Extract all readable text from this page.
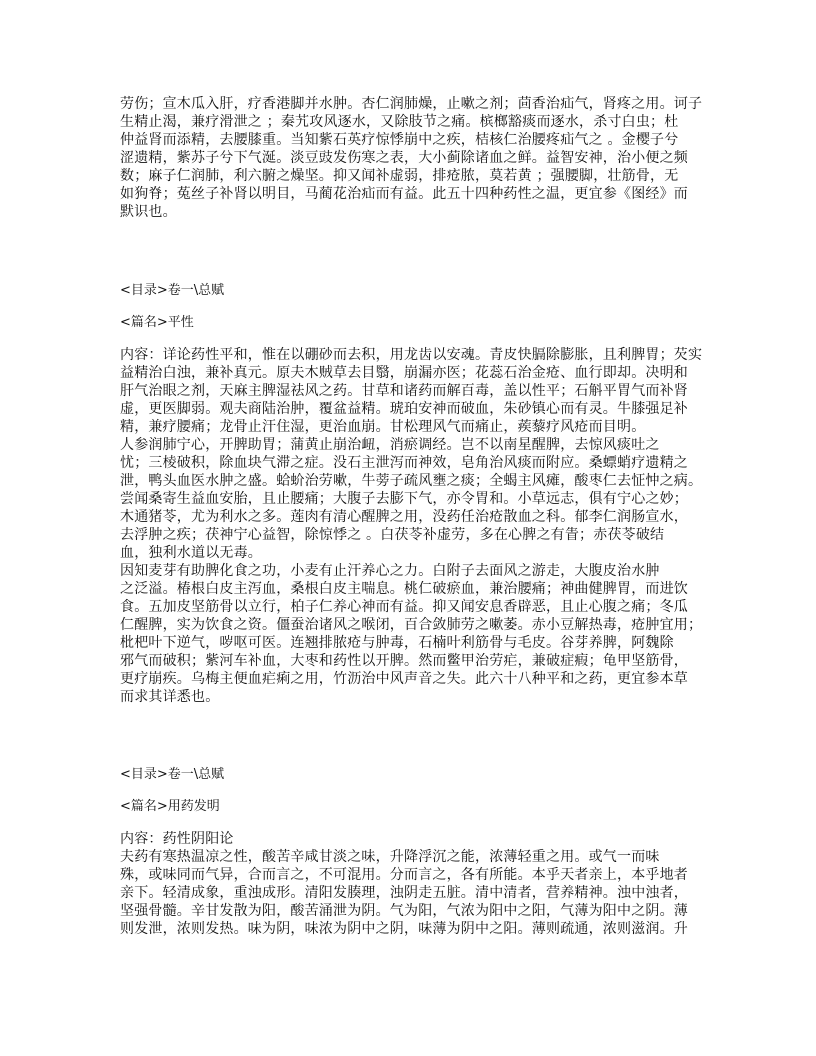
劳伤；宣木瓜入肝，疗香港脚并水肿。杏仁润肺燥，止嗽之剂；茴香治疝气，肾疼之用。诃子
生精止渴，兼疗滑泄之 ；秦艽攻风逐水，又除肢节之痛。槟榔豁痰而逐水，杀寸白虫；杜
仲益肾而添精，去腰膝重。当知紫石英疗惊悸崩中之疾，桔核仁治腰疼疝气之 。金樱子兮
涩遗精，紫苏子兮下气涎。淡豆豉发伤寒之表，大小蓟除诸血之鲜。益智安神，治小便之频
数；麻子仁润肺，利六腑之燥坚。抑又闻补虚弱，排疮脓，莫若黄 ；强腰脚，壮筋骨，无
如狗脊；菟丝子补肾以明目，马蔺花治疝而有益。此五十四种药性之温，更宜参《图经》而
默识也。
<目录>卷一\总赋
<篇名>平性
内容：详论药性平和，惟在以硼砂而去积，用龙齿以安魂。青皮快膈除膨胀，且利脾胃；芡实
益精治白浊，兼补真元。原夫木贼草去目翳，崩漏亦医；花蕊石治金疮、血行即却。决明和
肝气治眼之剂，天麻主脾湿祛风之药。甘草和诸药而解百毒，盖以性平；石斛平胃气而补肾
虚，更医脚弱。观夫商陆治肿，覆盆益精。琥珀安神而破血，朱砂镇心而有灵。牛膝强足补
精，兼疗腰痛；龙骨止汗住湿，更治血崩。甘松理风气而痛止，蒺藜疗风疮而目明。
人参润肺宁心，开脾助胃；蒲黄止崩治衄，消瘀调经。岂不以南星醒脾，去惊风痰吐之
忧；三棱破积，除血块气滞之症。没石主泄泻而神效，皂角治风痰而附应。桑螵蛸疗遗精之
泄，鸭头血医水肿之盛。蛤蚧治劳嗽，牛蒡子疏风壅之痰；全蝎主风瘫，酸枣仁去怔忡之病。
尝闻桑寄生益血安胎，且止腰痛；大腹子去膨下气，亦令胃和。小草远志，俱有宁心之妙；
木通猪苓，尤为利水之多。莲肉有清心醒脾之用，没药任治疮散血之科。郁李仁润肠宣水，
去浮肿之疾；茯神宁心益智，除惊悸之 。白茯苓补虚劳，多在心脾之有眚；赤茯苓破结
血，独利水道以无毒。
因知麦芽有助脾化食之功，小麦有止汗养心之力。白附子去面风之游走，大腹皮治水肿
之泛溢。椿根白皮主泻血，桑根白皮主喘息。桃仁破瘀血，兼治腰痛；神曲健脾胃，而进饮
食。五加皮坚筋骨以立行，柏子仁养心神而有益。抑又闻安息香辟恶，且止心腹之痛；冬瓜
仁醒脾，实为饮食之资。僵蚕治诸风之喉闭，百合敛肺劳之嗽萎。赤小豆解热毒，疮肿宜用；
枇杷叶下逆气，哕呕可医。连翘排脓疮与肿毒，石楠叶利筋骨与毛皮。谷芽养脾，阿魏除
邪气而破积；紫河车补血，大枣和药性以开脾。然而鳖甲治劳疟，兼破症瘕；龟甲坚筋骨，
更疗崩疾。乌梅主便血疟痢之用，竹沥治中风声音之失。此六十八种平和之药，更宜参本草
而求其详悉也。
<目录>卷一\总赋
<篇名>用药发明
内容：药性阴阳论
夫药有寒热温凉之性，酸苦辛咸甘淡之味，升降浮沉之能，浓薄轻重之用。或气一而味
殊，或味同而气异，合而言之，不可混用。分而言之，各有所能。本乎天者亲上，本乎地者
亲下。轻清成象，重浊成形。清阳发腠理，浊阴走五脏。清中清者，营养精神。浊中浊者，
坚强骨髓。辛甘发散为阳，酸苦涌泄为阴。气为阳，气浓为阳中之阳，气薄为阳中之阴。薄
则发泄，浓则发热。味为阴，味浓为阴中之阴，味薄为阴中之阳。薄则疏通，浓则滋润。升
